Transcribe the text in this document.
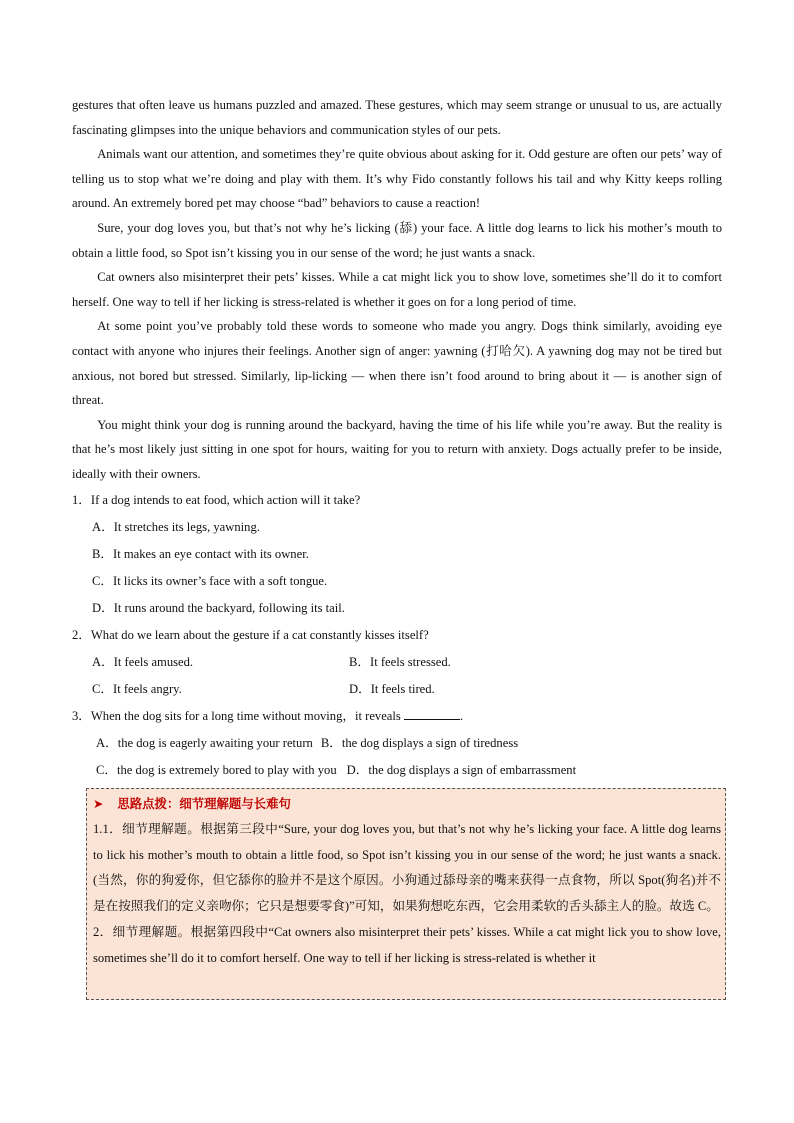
gestures that often leave us humans puzzled and amazed. These gestures, which may seem strange or unusual to us, are actually fascinating glimpses into the unique behaviors and communication styles of our pets.

Animals want our attention, and sometimes they’re quite obvious about asking for it. Odd gesture are often our pets’ way of telling us to stop what we’re doing and play with them. It’s why Fido constantly follows his tail and why Kitty keeps rolling around. An extremely bored pet may choose “bad” behaviors to cause a reaction!

Sure, your dog loves you, but that’s not why he’s licking (舔) your face. A little dog learns to lick his mother’s mouth to obtain a little food, so Spot isn’t kissing you in our sense of the word; he just wants a snack.

Cat owners also misinterpret their pets’ kisses. While a cat might lick you to show love, sometimes she’ll do it to comfort herself. One way to tell if her licking is stress-related is whether it goes on for a long period of time.

At some point you’ve probably told these words to someone who made you angry. Dogs think similarly, avoiding eye contact with anyone who injures their feelings. Another sign of anger: yawning (打哈欠). A yawning dog may not be tired but anxious, not bored but stressed. Similarly, lip-licking — when there isn’t food around to bring about it — is another sign of threat.

You might think your dog is running around the backyard, having the time of his life while you’re away. But the reality is that he’s most likely just sitting in one spot for hours, waiting for you to return with anxiety. Dogs actually prefer to be inside, ideally with their owners.

1．If a dog intends to eat food, which action will it take?

A．It stretches its legs, yawning.

B．It makes an eye contact with its owner.

C．It licks its owner’s face with a soft tongue.

D．It runs around the backyard, following its tail.

2．What do we learn about the gesture if a cat constantly kisses itself?

A．It feels amused.	B．It feels stressed.
C．It feels angry.	D．It feels tired.

3．When the dog sits for a long time without moving，it reveals	.

A．the dog is eagerly awaiting your return B．the dog displays a sign of tiredness
C．the dog is extremely bored to play with you D．the dog displays a sign of embarrassment
➤ 思路点拨：细节理解题与长难句

1.1．细节理解题。根据第三段中“Sure, your dog loves you, but that’s not why he’s licking your face. A little dog learns to lick his mother’s mouth to obtain a little food, so Spot isn’t kissing you in our sense of the word; he just wants a snack.(当然，你的狗爱你，但它舔你的脸并不是这个原因。小狗通过舔母亲的嘴来获得一点食物，所以 Spot(狗名)并不是在按照我们的定义亲吻你；它只是想要零食)”可知，如果狗想吃东西，它会用柔软的舌头舔主人的脸。故选 C。

2．细节理解题。根据第四段中“Cat owners also misinterpret their pets’ kisses. While a cat might lick you to show love, sometimes she’ll do it to comfort herself. One way to tell if her licking is stress-related is whether it
